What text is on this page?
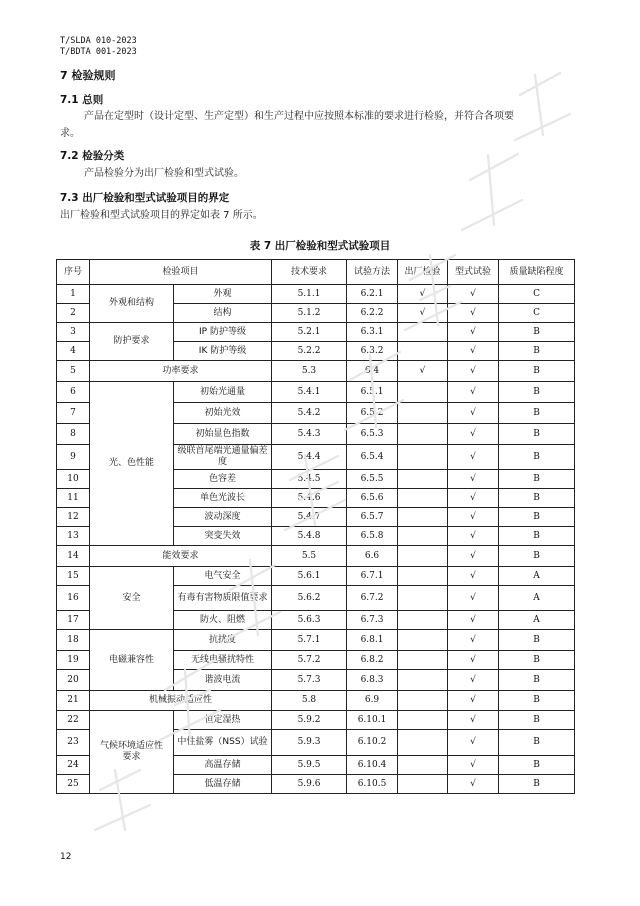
T/SLDA 010-2023
T/BDTA 001-2023
7 检验规则
7.1 总则
产品在定型时（设计定型、生产定型）和生产过程中应按照本标准的要求进行检验，并符合各项要
求。
7.2 检验分类
产品检验分为出厂检验和型式试验。
7.3 出厂检验和型式试验项目的界定
出厂检验和型式试验项目的界定如表 7 所示。
表 7 出厂检验和型式试验项目
序号	检验项目		技术要求	试验方法	出厂检验	型式试验	质量缺陷程度
1	外观和结构	外观	5.1.1	6.2.1	√	√	C
2		结构	5.1.2	6.2.2	√	√	C
3	防护要求	IP 防护等级	5.2.1	6.3.1		√	B
4		IK 防护等级	5.2.2	6.3.2		√	B
5	功率要求		5.3	6.4	√	√	B
6	光、色性能	初始光通量	5.4.1	6.5.1		√	B
7		初始光效	5.4.2	6.5.2		√	B
8		初始显色指数	5.4.3	6.5.3		√	B
9		级联首尾端光通量偏差度	5.4.4	6.5.4		√	B
10		色容差	5.4.5	6.5.5		√	B
11		单色光波长	5.4.6	6.5.6		√	B
12		波动深度	5.4.7	6.5.7		√	B
13		突变失效	5.4.8	6.5.8		√	B
14	能效要求		5.5	6.6		√	B
15	安全	电气安全	5.6.1	6.7.1		√	A
16		有毒有害物质限值要求	5.6.2	6.7.2		√	A
17		防火、阻燃	5.6.3	6.7.3		√	A
18	电磁兼容性	抗扰度	5.7.1	6.8.1		√	B
19		无线电骚扰特性	5.7.2	6.8.2		√	B
20		谐波电流	5.7.3	6.8.3		√	B
21	机械振动适应性		5.8	6.9		√	B
22	气候环境适应性要求	恒定湿热	5.9.2	6.10.1		√	B
23		中性盐雾（NSS）试验	5.9.3	6.10.2		√	B
24		高温存储	5.9.5	6.10.4		√	B
25		低温存储	5.9.6	6.10.5		√	B
12
